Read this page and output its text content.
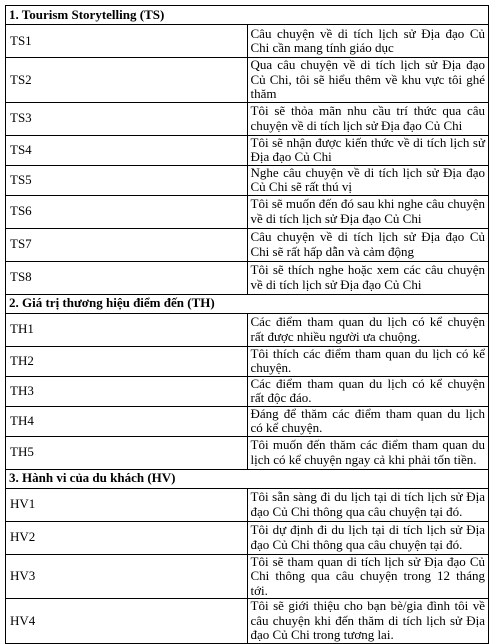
1. Tourism Storytelling (TS)	
TS1	Câu chuyện về di tích lịch sử Địa đạo Củ Chi cần mang tính giáo dục
TS2	Qua câu chuyện về di tích lịch sử Địa đạo Củ Chi, tôi sẽ hiểu thêm về khu vực tôi ghé thăm
TS3	Tôi sẽ thỏa mãn nhu cầu trí thức qua câu chuyện về di tích lịch sử Địa đạo Củ Chi
TS4	Tôi sẽ nhận được kiến thức về di tích lịch sử Địa đạo Củ Chi
TS5	Nghe câu chuyện về di tích lịch sử Địa đạo Củ Chi sẽ rất thú vị
TS6	Tôi sẽ muốn đến đó sau khi nghe câu chuyện về di tích lịch sử Địa đạo Củ Chi
TS7	Câu chuyện về di tích lịch sử Địa đạo Củ Chi sẽ rất hấp dẫn và cảm động
TS8	Tôi sẽ thích nghe hoặc xem các câu chuyện về di tích lịch sử Địa đạo Củ Chi
2. Giá trị thương hiệu điểm đến (TH)	
TH1	Các điểm tham quan du lịch có kể chuyện rất được nhiều người ưa chuộng.
TH2	Tôi thích các điểm tham quan du lịch có kể chuyện.
TH3	Các điểm tham quan du lịch có kể chuyện rất độc đáo.
TH4	Đáng để thăm các điểm tham quan du lịch có kể chuyện.
TH5	Tôi muốn đến thăm các điểm tham quan du lịch có kể chuyện ngay cả khi phải tốn tiền.
3. Hành vi của du khách (HV)	
HV1	Tôi sẵn sàng đi du lịch tại di tích lịch sử Địa đạo Củ Chi thông qua câu chuyện tại đó.
HV2	Tôi dự định đi du lịch tại di tích lịch sử Địa đạo Củ Chi thông qua câu chuyện tại đó.
HV3	Tôi sẽ tham quan di tích lịch sử Địa đạo Củ Chi thông qua câu chuyện trong 12 tháng tới.
HV4	Tôi sẽ giới thiệu cho bạn bè/gia đình tôi về câu chuyện khi đến thăm di tích lịch sử Địa đạo Củ Chi trong tương lai.
